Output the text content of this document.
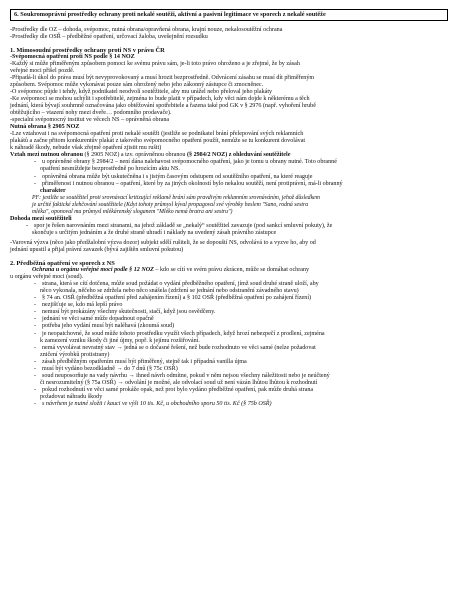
6. Soukromoprávní prostředky ochrany proti nekalé soutěži, aktivní a pasivní legitimace ve sporech z nekalé soutěže
-Prostředky dle OZ – dohoda, svépomoc, nutná obrana/opravňená obrana, krajní nouze, nekalosoutěžní ochrana
-Prostředky dle OSŘ – předběžné opatření, určovací žaloba, uvešejnění rozsudku
1. Mimosoudní prostředky ochrany proti NS v právu ČR
-Svépomocná opatření proti NS podle § 14 NOZ
-Každý si může přiměřeným způsobem pomoci ke svému právu sám, je-li toto právo ohroženo a je zřejmé, že by zásah
veřejné moci přišel pozdě.
-Připadá-li úkol do práva musí být nevyprovokovaný a musí hrozit bezprostředně. Odvrácení zásahu se musí dít přiměřeným
způsobem. Svépomoc může vykonávat pouze sám ohrožený nebo jeho zákonný zástupce či zmocněnec.
-O svépomoc půjde i tehdy, když podnikatel neodvolí soutěžitele, aby mu urážel nebo přeloval jeho plakáty
-Ke svépomoci se mohou uchýlit i spotřebitelé, zejména to bude platit v případech, kdy věci nám dojde k některému a těch
jednání, která bývají souhrnně označována jako obtěžování spotřebitele a řazena také pod GK v § 2976 (např. vyhoření hrubě
obtěžujícího – vtazení nohy mezi dveře… podomního prodavače).
-specialní svépomocný institut ve věcech NS – oprávněná obrana
Nutná obrana § 2905 NOZ
-Lze vztahovat i na svépomocná opatření proti nekalé soutěži (jestliže se podnikatel brání přelepování svých reklamních
plakátů a začne přitom konkurentův plakát z takového svépomocného opatření použít, nemůže se tu konkurent dovolávat
k náhradě škody, nebude však zřejmě opatření zjistit mu rušit)
Vztah mezi nutnou obranou (§ 2905 NOZ) a tzv. oprávněnou obranou (§ 2984/2 NOZ) z ohleduvání soutěžitele
- u oprávněné obrany § 2984/2 – není dána nalehavost svépomocného opatření, jako je tomu u obrany nutné. Toto obranné
opatření nesmíždejte bezprostředně po hrozícím aktu NS.
- oprávněná obrana může být uskutečněna i s jistým časovým odstupem od soutěžního opatření, na které reaguje
- přiměřenost i nutnou obranou – opatření, které by za jiných okolností bylo nekalou soutěží, není protiprávní, má-li obranný
charakter
PF: jestliže se soutěžitel proti srovnávací kritizující reklamě brání sám pravdivým reklamním srovnáváním, jehož důsledkem
je určité faktické zlehčování soutěžitele (Kdyt tohoty průmysl kýval propagoval své výrobky heslem "Sano, rodná sestra
mléka", oponoval mu průmysl mlékárenský sloganem "Mléko nemá bratra ani sestru")
Dohoda mezi soutěžiteli
- spor je řešen narovnáním mezi stranami, na jehož základě se „nekalý“ soutěžitel zavazuje (pod sankcí smluvní pokuty), že
skončuje s určitým jednáním a že druhé straně uhradí i náklady na uvedený zásah právního zástupce
-Varovná výzva (něco jako předžalobní výzva dozor) subjekt sdělí rušiteli, že se dopouští NS, odvolává to a vyzve ho, aby od
jednání upustil a přijal právní zavazek (bývá zajištěn smluvní pokutou)
2. Předběžná opatření ve sporech z NS
Ochrana u orgánu veřejné moci podle § 12 NOZ – kdo se cítí ve svém právu zkrácen, může se domáhat ochrany
u orgánu veřejné moci (soud).
- strana, která se cítí dotčena, může soud požádat o vydání předběžného opatření, jímž soud druhé straně uloží, aby
něco vykonala, něčeho se zdržela nebo něco snášela (zdržení se jednání nebo odstranění závadného stavu)
- § 74 an. OSŘ (předběžná opatření před zahájením řízení) a § 102 OSŘ (předběžná opatření po zahájení řízení)
- nezjišťuje se, kdo má lepší právo
- nemusí být prokázány všechny skutečnosti, stačí, když jsou osvědčeny.
- jednání ve věci samé může dopadnout opačně
- potřeba jeho vydání musí být naléhavá (zkoumá soud)
- je neopatchovné, že soud může tohoto prostředku využít všech případech, když hrozí nebezpečí z prodlení, zejména
k zamezení vzniku škody či jiné újmy, popř. k jejímu rozšiřování.
- nemá vyvolávat nevratný stav → jedná se o dočasné řešení, než bude rozhodnuto ve věci samé (nelze požadovat
zničení výrobků protistrany)
- zásah předběžným opatřením musí být přiměřený, stejně tak i případná vanilla újma
- musí být vydáno bezodkladně → do 7 dnů (§ 75c OSŘ)
- soud neuposorňuje na vady návrhu → ihned návrh odmítne, pokud v něm nejsou všechny náležitosti nebo je neúčtený
či nesrozumitelný (§ 75a OSŘ) → odvolání je možné, ale odvolací soud už není vázán lhůtou lhůtou k rozhodnutí
- pokud rozhodnutí ve věci samé prokáže opak, než prot bylo vydáno předběžné opatření, pak může druhá strana
požadovat náhradu škody
- s návrhem je nutné složit i kauci ve výši 10 tis. Kč, u obchodního sporu 50 tis. Kč (§ 75b OSŘ)
